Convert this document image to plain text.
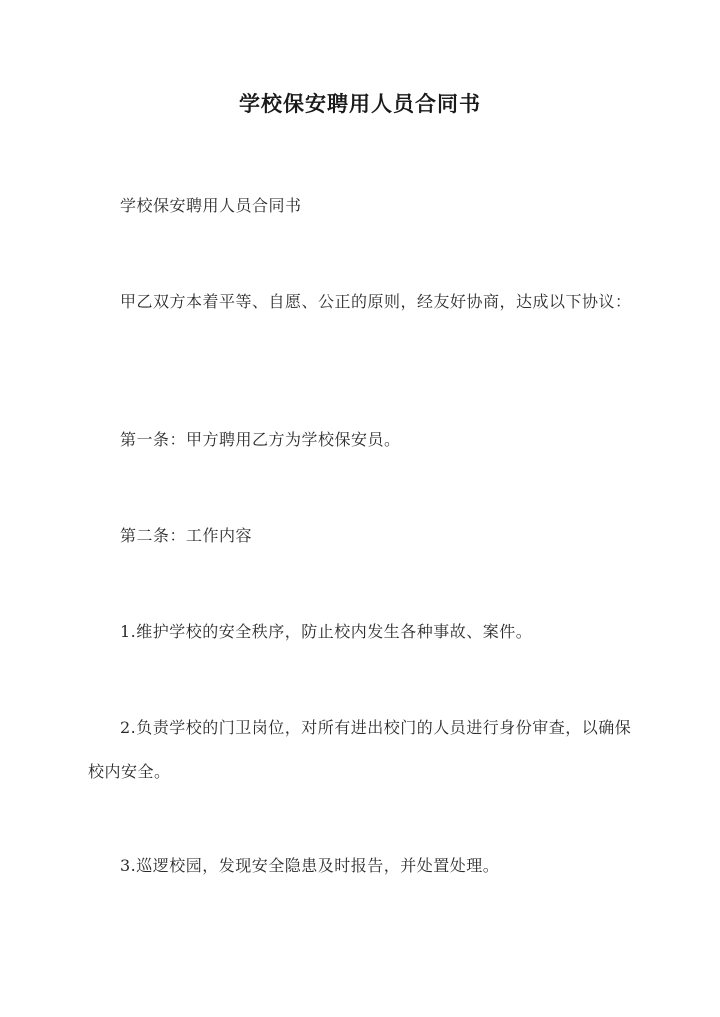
学校保安聘用人员合同书
学校保安聘用人员合同书
甲乙双方本着平等、自愿、公正的原则，经友好协商，达成以下协议：
第一条：甲方聘用乙方为学校保安员。
第二条：工作内容
1.维护学校的安全秩序，防止校内发生各种事故、案件。
2.负责学校的门卫岗位，对所有进出校门的人员进行身份审查，以确保校内安全。
3.巡逻校园，发现安全隐患及时报告，并处置处理。
